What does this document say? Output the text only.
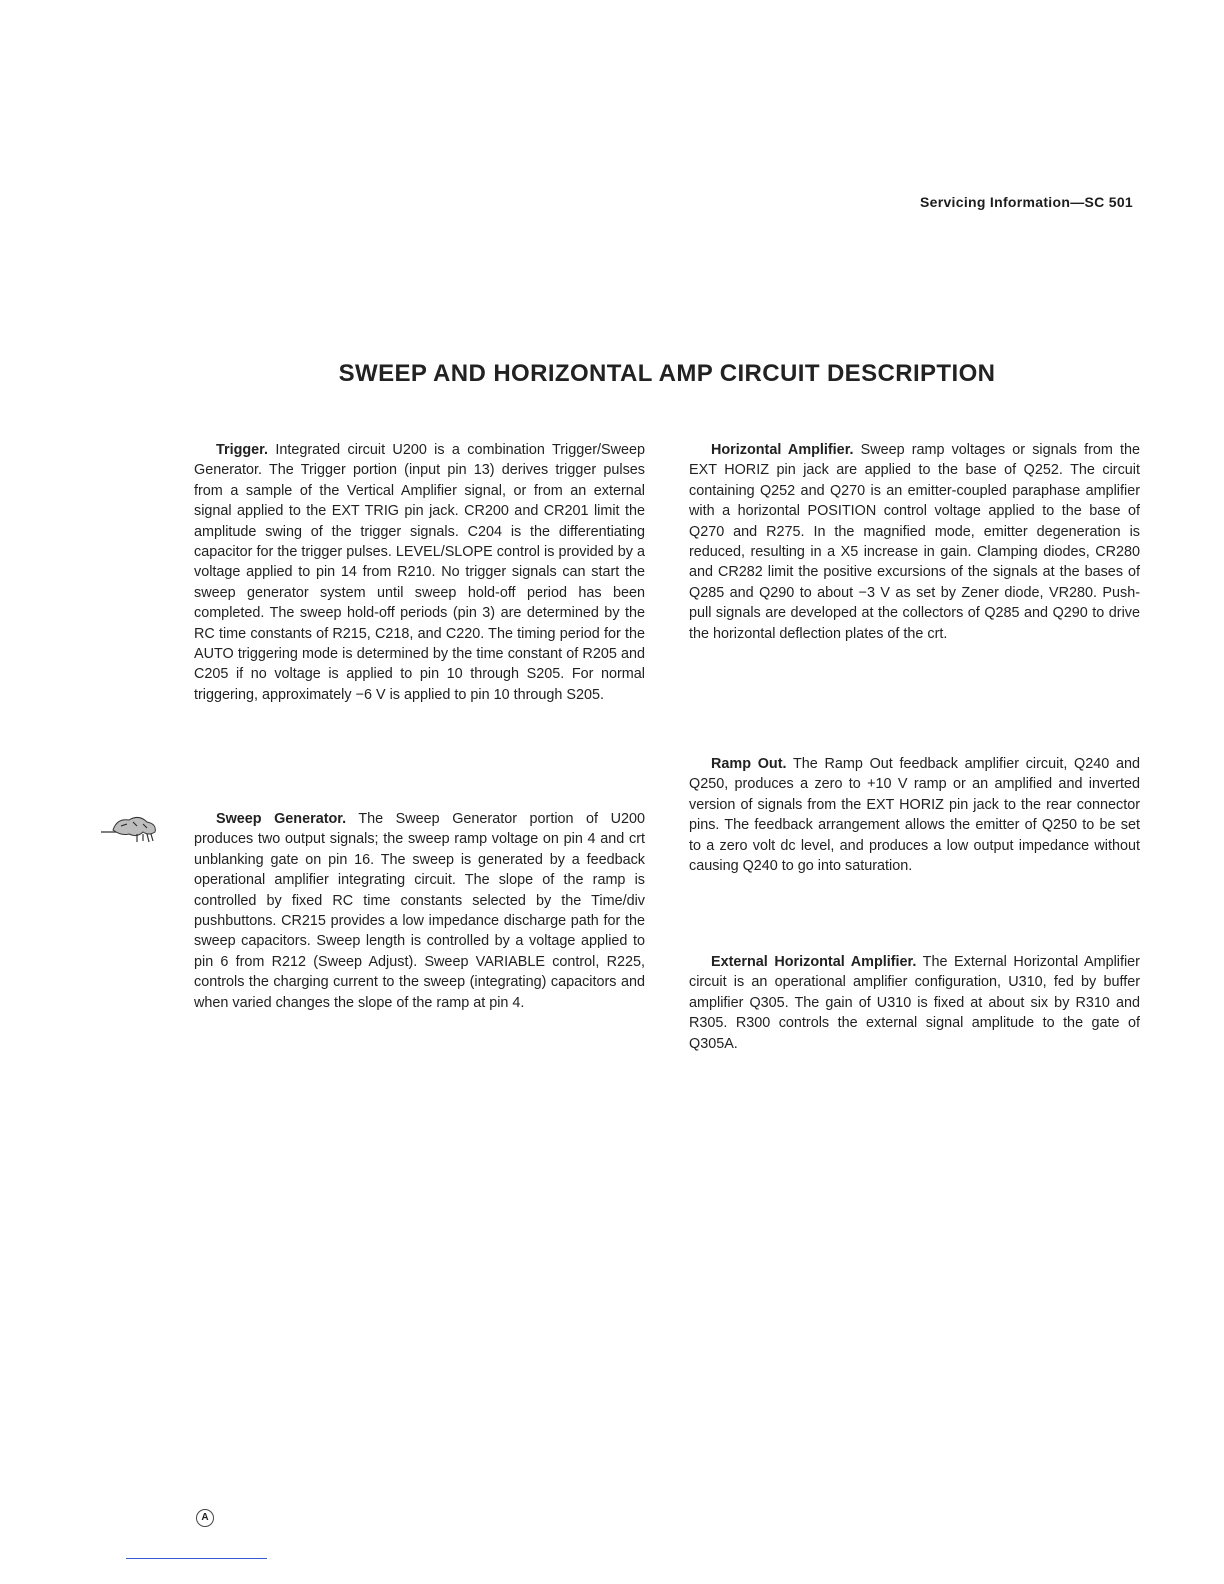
Servicing Information—SC 501
SWEEP AND HORIZONTAL AMP CIRCUIT DESCRIPTION

Trigger. Integrated circuit U200 is a combination Trigger/Sweep Generator. The Trigger portion (input pin 13) derives trigger pulses from a sample of the Vertical Amplifier signal, or from an external signal applied to the EXT TRIG pin jack. CR200 and CR201 limit the amplitude swing of the trigger signals. C204 is the differentiating capacitor for the trigger pulses. LEVEL/SLOPE control is provided by a voltage applied to pin 14 from R210. No trigger signals can start the sweep generator system until sweep hold-off period has been completed. The sweep hold-off periods (pin 3) are determined by the RC time constants of R215, C218, and C220. The timing period for the AUTO triggering mode is determined by the time constant of R205 and C205 if no voltage is applied to pin 10 through S205. For normal triggering, approximately −6 V is applied to pin 10 through S205.

Sweep Generator. The Sweep Generator portion of U200 produces two output signals; the sweep ramp voltage on pin 4 and crt unblanking gate on pin 16. The sweep is generated by a feedback operational amplifier integrating circuit. The slope of the ramp is controlled by fixed RC time constants selected by the Time/div pushbuttons. CR215 provides a low impedance discharge path for the sweep capacitors. Sweep length is controlled by a voltage applied to pin 6 from R212 (Sweep Adjust). Sweep VARIABLE control, R225, controls the charging current to the sweep (integrating) capacitors and when varied changes the slope of the ramp at pin 4.

Horizontal Amplifier. Sweep ramp voltages or signals from the EXT HORIZ pin jack are applied to the base of Q252. The circuit containing Q252 and Q270 is an emitter-coupled paraphase amplifier with a horizontal POSITION control voltage applied to the base of Q270 and R275. In the magnified mode, emitter degeneration is reduced, resulting in a X5 increase in gain. Clamping diodes, CR280 and CR282 limit the positive excursions of the signals at the bases of Q285 and Q290 to about −3 V as set by Zener diode, VR280. Push-pull signals are developed at the collectors of Q285 and Q290 to drive the horizontal deflection plates of the crt.

Ramp Out. The Ramp Out feedback amplifier circuit, Q240 and Q250, produces a zero to +10 V ramp or an amplified and inverted version of signals from the EXT HORIZ pin jack to the rear connector pins. The feedback arrangement allows the emitter of Q250 to be set to a zero volt dc level, and produces a low output impedance without causing Q240 to go into saturation.

External Horizontal Amplifier. The External Horizontal Amplifier circuit is an operational amplifier configuration, U310, fed by buffer amplifier Q305. The gain of U310 is fixed at about six by R310 and R305. R300 controls the external signal amplitude to the gate of Q305A.

A
